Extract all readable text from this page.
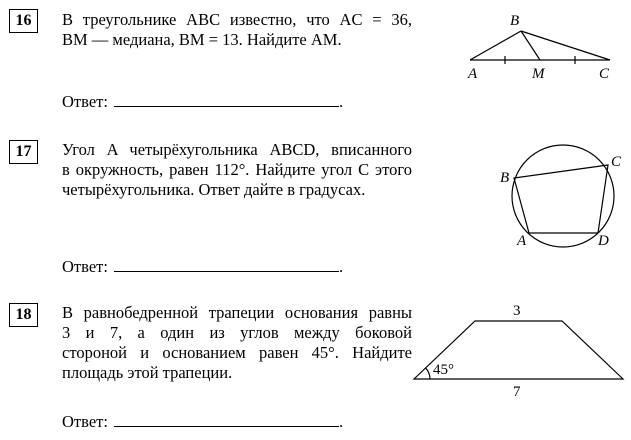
16	В треугольнике ABC известно, что AC = 36,
BM — медиана, BM = 13. Найдите AM.
Ответ:	.
B
A	M	C
17	Угол A четырёхугольника ABCD, вписанного
в окружность, равен 112°. Найдите угол C этого
четырёхугольника. Ответ дайте в градусах.
Ответ:	.
B
C
A	D
18	В равнобедренной трапеции основания равны
3 и 7, а один из углов между боковой
стороной и основанием равен 45°. Найдите
площадь этой трапеции.
Ответ:	.
3
7
45°
